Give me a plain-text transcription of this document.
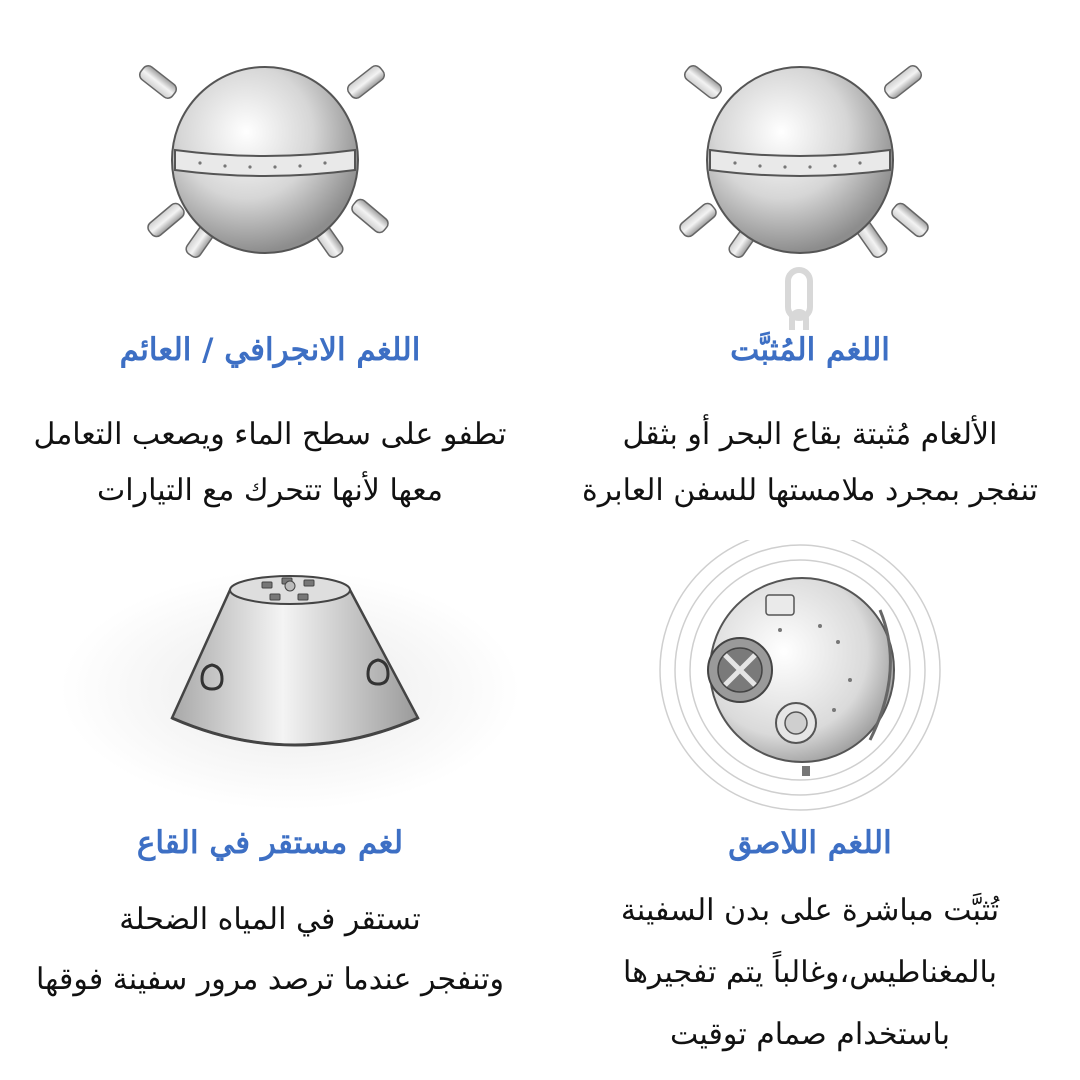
اللغم المُثبَّت
الألغام مُثبتة بقاع البحر أو بثقل
تنفجر بمجرد ملامستها للسفن العابرة
اللغم الانجرافي / العائم
تطفو على سطح الماء ويصعب التعامل
معها لأنها تتحرك مع التيارات
اللغم اللاصق
تُثبَّت مباشرة على بدن السفينة
بالمغناطيس،وغالباً يتم تفجيرها
باستخدام صمام توقيت
لغم مستقر في القاع
تستقر في المياه الضحلة
وتنفجر عندما ترصد مرور سفينة فوقها
